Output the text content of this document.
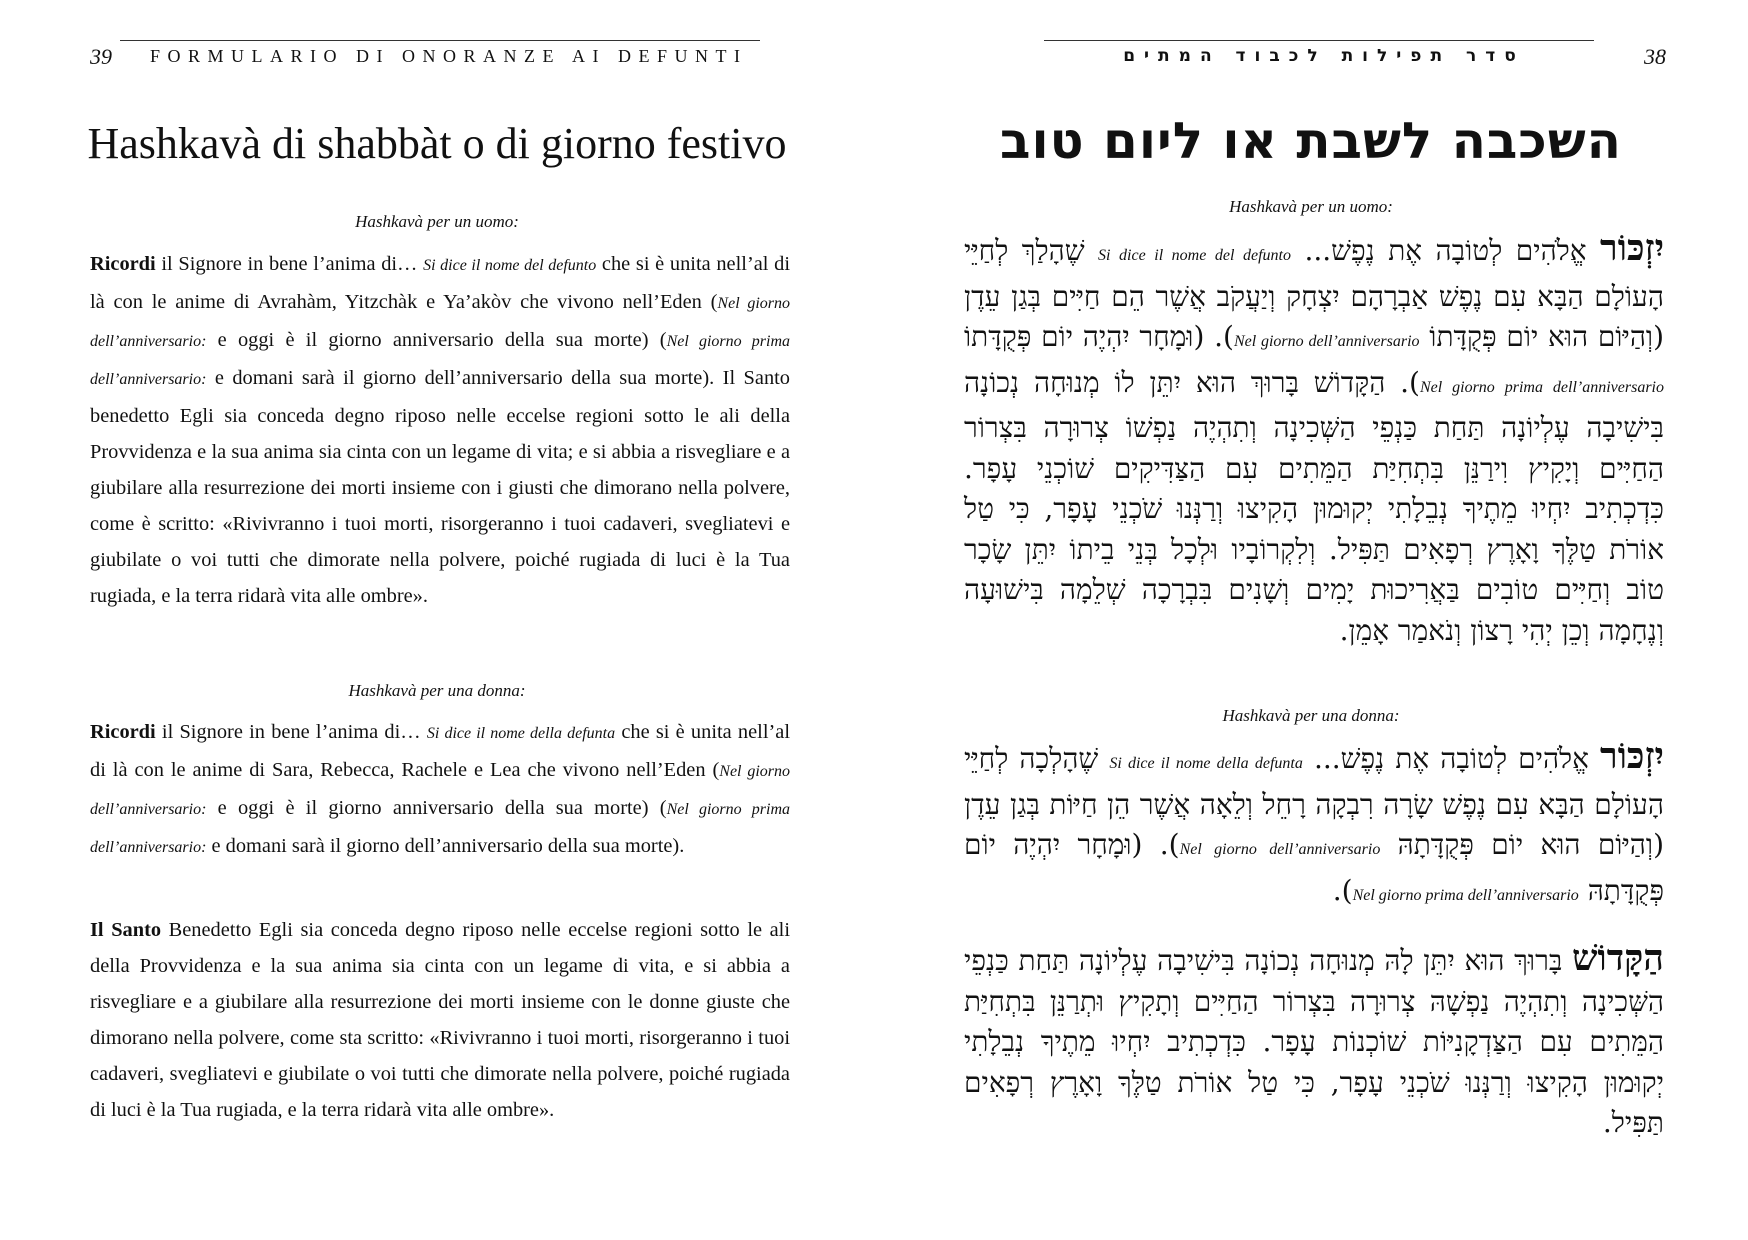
39 FORMULARIO DI ONORANZE AI DEFUNTI
Hashkavà di shabbàt o di giorno festivo
Hashkavà per un uomo:

Ricordi il Signore in bene l’anima di… Si dice il nome del defunto che si è unita nell’al di là con le anime di Avrahàm, Yitzchàk e Ya’akòv che vivono nell’Eden (Nel giorno dell’anniversario: e oggi è il giorno anniversario della sua morte) (Nel giorno prima dell’anniversario: e domani sarà il giorno dell’anniversario della sua morte). Il Santo benedetto Egli sia conceda degno riposo nelle eccelse regioni sotto le ali della Provvidenza e la sua anima sia cinta con un legame di vita; e si abbia a risvegliare e a giubilare alla resurrezione dei morti insieme con i giusti che dimorano nella polvere, come è scritto: «Rivivranno i tuoi morti, risorgeranno i tuoi cadaveri, svegliatevi e giubilate o voi tutti che dimorate nella polvere, poiché rugiada di luci è la Tua rugiada, e la terra ridarà vita alle ombre».

Hashkavà per una donna:

Ricordi il Signore in bene l’anima di… Si dice il nome della defunta che si è unita nell’al di là con le anime di Sara, Rebecca, Rachele e Lea che vivono nell’Eden (Nel giorno dell’anniversario: e oggi è il giorno anniversario della sua morte) (Nel giorno prima dell’anniversario: e domani sarà il giorno dell’anniversario della sua morte).

Il Santo Benedetto Egli sia conceda degno riposo nelle eccelse regioni sotto le ali della Provvidenza e la sua anima sia cinta con un legame di vita, e si abbia a risvegliare e a giubilare alla resurrezione dei morti insieme con le donne giuste che dimorano nella polvere, come sta scritto: «Rivivranno i tuoi morti, risorgeranno i tuoi cadaveri, svegliatevi e giubilate o voi tutti che dimorate nella polvere, poiché rugiada di luci è la Tua rugiada, e la terra ridarà vita alle ombre».

סדר תפילות לכבוד המתים	38
השכבה לשבת או ליום טוב
Hashkavà per un uomo:

יִזְכּוֹר אֱלֹהִים לְטוֹבָה אֶת נֶפֶשׁ... Si dice il nome del defunto שֶׁהָלַךְ לְחַיֵּי הָעוֹלָם הַבָּא עִם נֶפֶשׁ אַבְרָהָם יִצְחָק וְיַעֲקֹב אֲשֶׁר הֵם חַיִּים בְּגַן עֵדֶן (וְהַיּוֹם הוּא יוֹם פְּקֻדָּתוֹ Nel giorno dell’anniversario). (וּמָחָר יִהְיֶה יוֹם פְּקֻדָּתוֹ Nel giorno prima dell’anniversario). הַקָּדוֹשׁ בָּרוּךְ הוּא יִתֵּן לוֹ מְנוּחָה נְכוֹנָה בִּישִׁיבָה עֶלְיוֹנָה תַּחַת כַּנְפֵי הַשְּׁכִינָה וְתִהְיֶה נַפְשׁוֹ צְרוּרָה בִּצְרוֹר הַחַיִּים וְיָקִיץ וִירַנֵּן בִּתְחִיַּת הַמֵּתִים עִם הַצַּדִּיקִים שׁוֹכְנֵי עָפָר. כִּדְכְתִיב יִחְיוּ מֵתֶיךָ נְבֵלָתִי יְקוּמוּן הָקִיצוּ וְרַנְּנוּ שֹׁכְנֵי עָפָר, כִּי טַל אוֹרֹת טַלֶּךָ וָאָרֶץ רְפָאִים תַּפִּיל. וְלִקְרוֹבָיו וּלְכָל בְּנֵי בֵיתוֹ יִתֵּן שָׂכָר טוֹב וְחַיִּים טוֹבִים בַּאֲרִיכוּת יָמִים וְשָׁנִים בִּבְרָכָה שְׁלֵמָה בִּישׁוּעָה וְנֶחָמָה וְכֵן יְהִי רָצוֹן וְנֹאמַר אָמֵן.

Hashkavà per una donna:

יִזְכּוֹר אֱלֹהִים לְטוֹבָה אֶת נֶפֶשׁ... Si dice il nome della defunta שֶׁהָלְכָה לְחַיֵּי הָעוֹלָם הַבָּא עִם נֶפֶשׁ שָׂרָה רִבְקָה רָחֵל וְלֵאָה אֲשֶׁר הֵן חַיּוֹת בְּגַן עֵדֶן (וְהַיּוֹם הוּא יוֹם פְּקֻדָּתָהּ Nel giorno dell’anniversario). (וּמָחָר יִהְיֶה יוֹם פְּקֻדָּתָהּ Nel giorno prima dell’anniversario).

הַקָּדוֹשׁ בָּרוּךְ הוּא יִתֵּן לָהּ מְנוּחָה נְכוֹנָה בִּישִׁיבָה עֶלְיוֹנָה תַּחַת כַּנְפֵי הַשְּׁכִינָה וְתִהְיֶה נַפְשָׁהּ צְרוּרָה בִּצְרוֹר הַחַיִּים וְתָקִיץ וּתְרַנֵּן בִּתְחִיַּת הַמֵּתִים עִם הַצַּדְקָנִיּוֹת שׁוֹכְנוֹת עָפָר. כִּדְכְתִיב יִחְיוּ מֵתֶיךָ נְבֵלָתִי יְקוּמוּן הָקִיצוּ וְרַנְּנוּ שֹׁכְנֵי עָפָר, כִּי טַל אוֹרֹת טַלֶּךָ וָאָרֶץ רְפָאִים תַּפִּיל.
